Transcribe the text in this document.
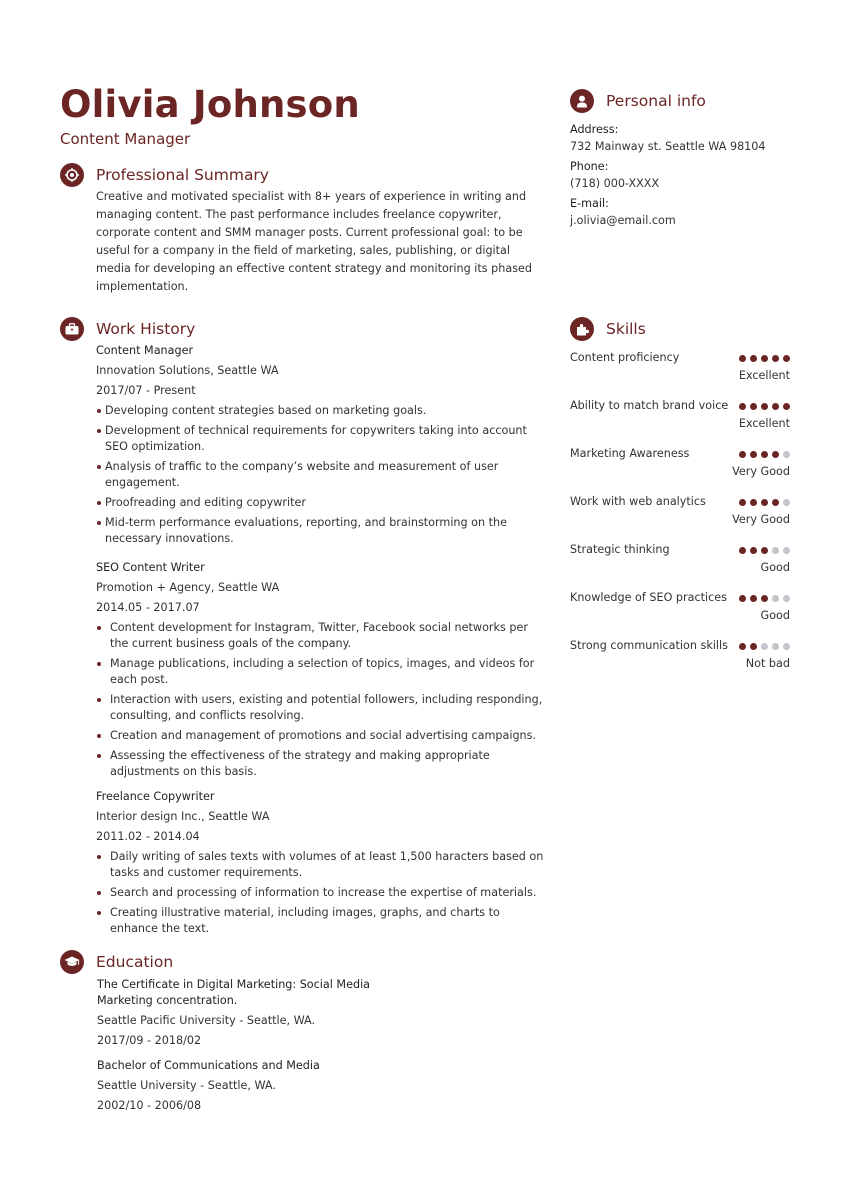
Olivia Johnson
Content Manager
Professional Summary
Creative and motivated specialist with 8+ years of experience in writing and managing content. The past performance includes freelance copywriter, corporate content and SMM manager posts. Current professional goal: to be useful for a company in the field of marketing, sales, publishing, or digital media for developing an effective content strategy and monitoring its phased implementation.
Work History
Content Manager
Innovation Solutions, Seattle WA
2017/07 - Present
Developing content strategies based on marketing goals.
Development of technical requirements for copywriters taking into account SEO optimization.
Analysis of traffic to the company’s website and measurement of user engagement.
Proofreading and editing copywriter
Mid-term performance evaluations, reporting, and brainstorming on the necessary innovations.
SEO Content Writer
Promotion + Agency, Seattle WA
2014.05 - 2017.07
Content development for Instagram, Twitter, Facebook social networks per the current business goals of the company.
Manage publications, including a selection of topics, images, and videos for each post.
Interaction with users, existing and potential followers, including responding, consulting, and conflicts resolving.
Creation and management of promotions and social advertising campaigns.
Assessing the effectiveness of the strategy and making appropriate adjustments on this basis.
Freelance Copywriter
Interior design Inc., Seattle WA
2011.02 - 2014.04
Daily writing of sales texts with volumes of at least 1,500 haracters based on tasks and customer requirements.
Search and processing of information to increase the expertise of materials.
Creating illustrative material, including images, graphs, and charts to enhance the text.
Education
The Certificate in Digital Marketing: Social Media Marketing concentration.
Seattle Pacific University - Seattle, WA.
2017/09 - 2018/02
Bachelor of Communications and Media
Seattle University - Seattle, WA.
2002/10 - 2006/08
Personal info
Address:
732 Mainway st. Seattle WA 98104
Phone:
(718) 000-XXXX
E-mail:
j.olivia@email.com
Skills
Content proficiency
Excellent
Ability to match brand voice
Excellent
Marketing Awareness
Very Good
Work with web analytics
Very Good
Strategic thinking
Good
Knowledge of SEO practices
Good
Strong communication skills
Not bad
